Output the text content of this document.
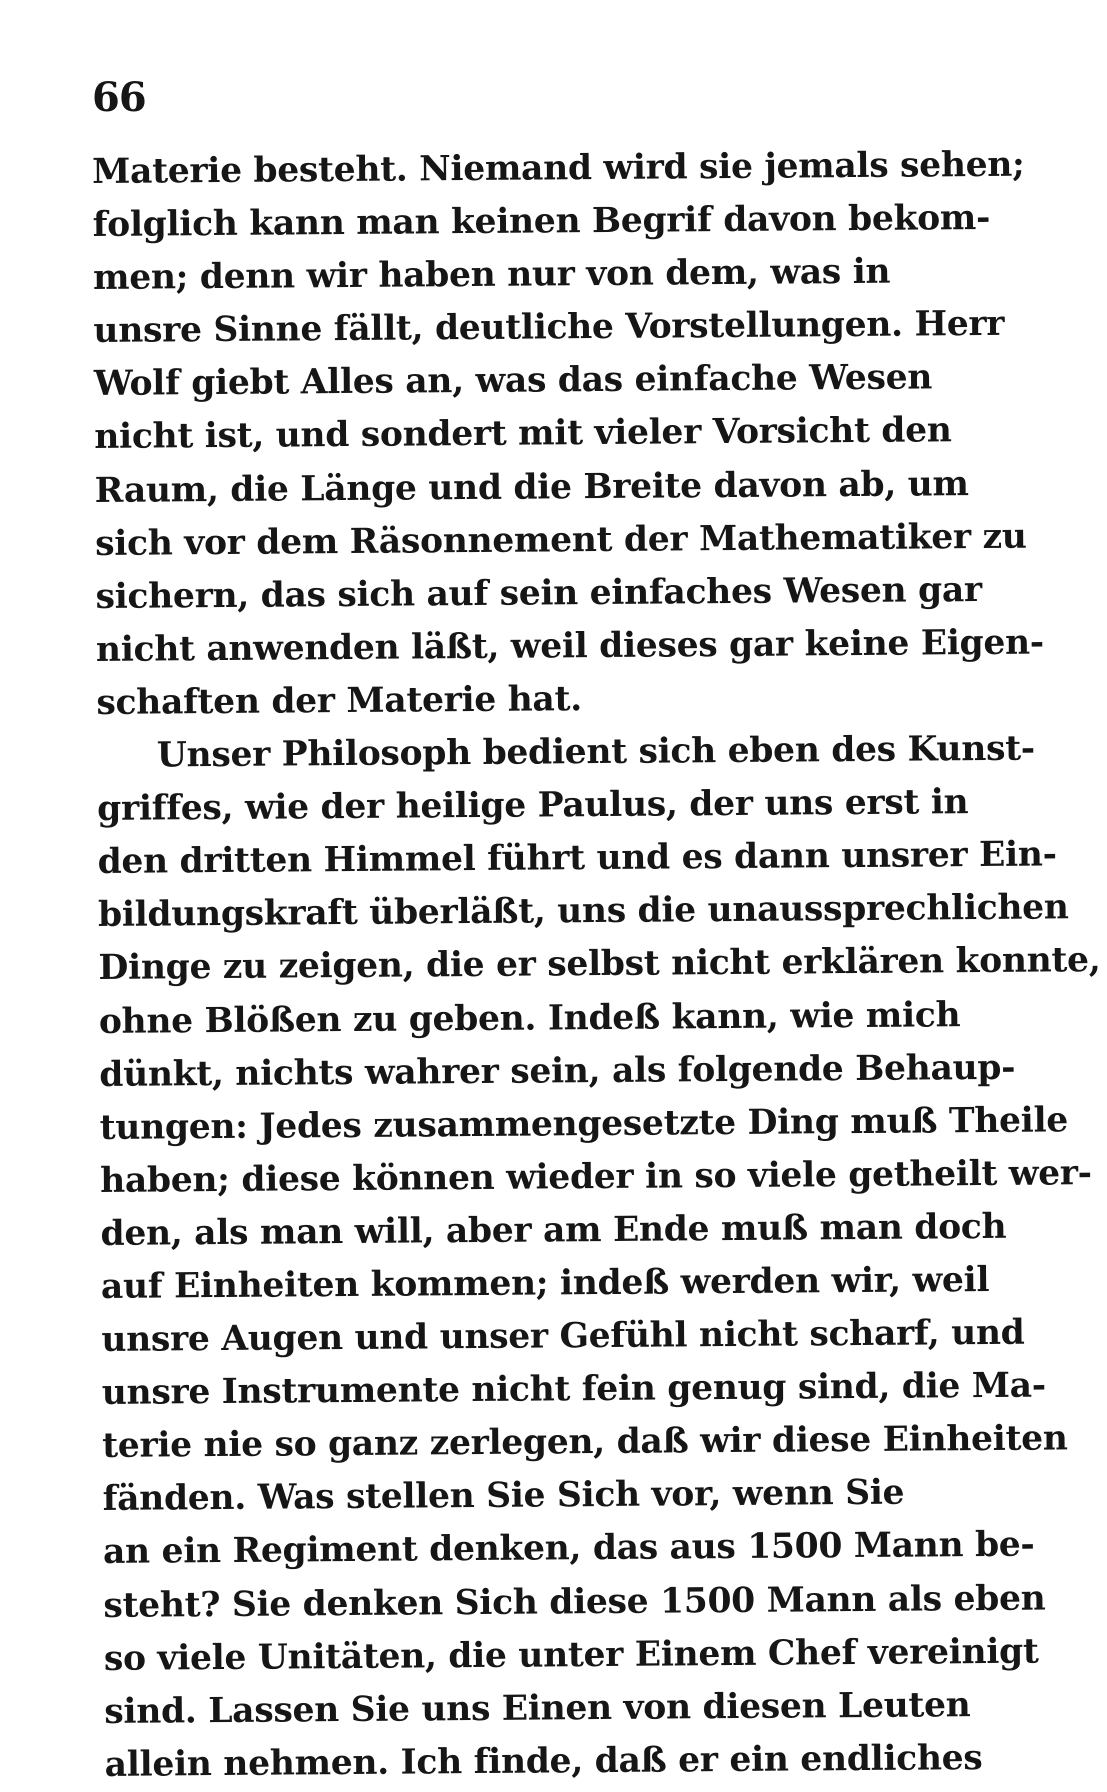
66
Materie besteht. Niemand wird sie jemals sehen;
folglich kann man keinen Begrif davon bekom-
men; denn wir haben nur von dem, was in
unsre Sinne fällt, deutliche Vorstellungen. Herr
Wolf giebt Alles an, was das einfache Wesen
nicht ist, und sondert mit vieler Vorsicht den
Raum, die Länge und die Breite davon ab, um
sich vor dem Räsonnement der Mathematiker zu
sichern, das sich auf sein einfaches Wesen gar
nicht anwenden läßt, weil dieses gar keine Eigen-
schaften der Materie hat.
Unser Philosoph bedient sich eben des Kunst-
griffes, wie der heilige Paulus, der uns erst in
den dritten Himmel führt und es dann unsrer Ein-
bildungskraft überläßt, uns die unaussprechlichen
Dinge zu zeigen, die er selbst nicht erklären konnte,
ohne Blößen zu geben. Indeß kann, wie mich
dünkt, nichts wahrer sein, als folgende Behaup-
tungen: Jedes zusammengesetzte Ding muß Theile
haben; diese können wieder in so viele getheilt wer-
den, als man will, aber am Ende muß man doch
auf Einheiten kommen; indeß werden wir, weil
unsre Augen und unser Gefühl nicht scharf, und
unsre Instrumente nicht fein genug sind, die Ma-
terie nie so ganz zerlegen, daß wir diese Einheiten
fänden. Was stellen Sie Sich vor, wenn Sie
an ein Regiment denken, das aus 1500 Mann be-
steht? Sie denken Sich diese 1500 Mann als eben
so viele Unitäten, die unter Einem Chef vereinigt
sind. Lassen Sie uns Einen von diesen Leuten
allein nehmen. Ich finde, daß er ein endliches
